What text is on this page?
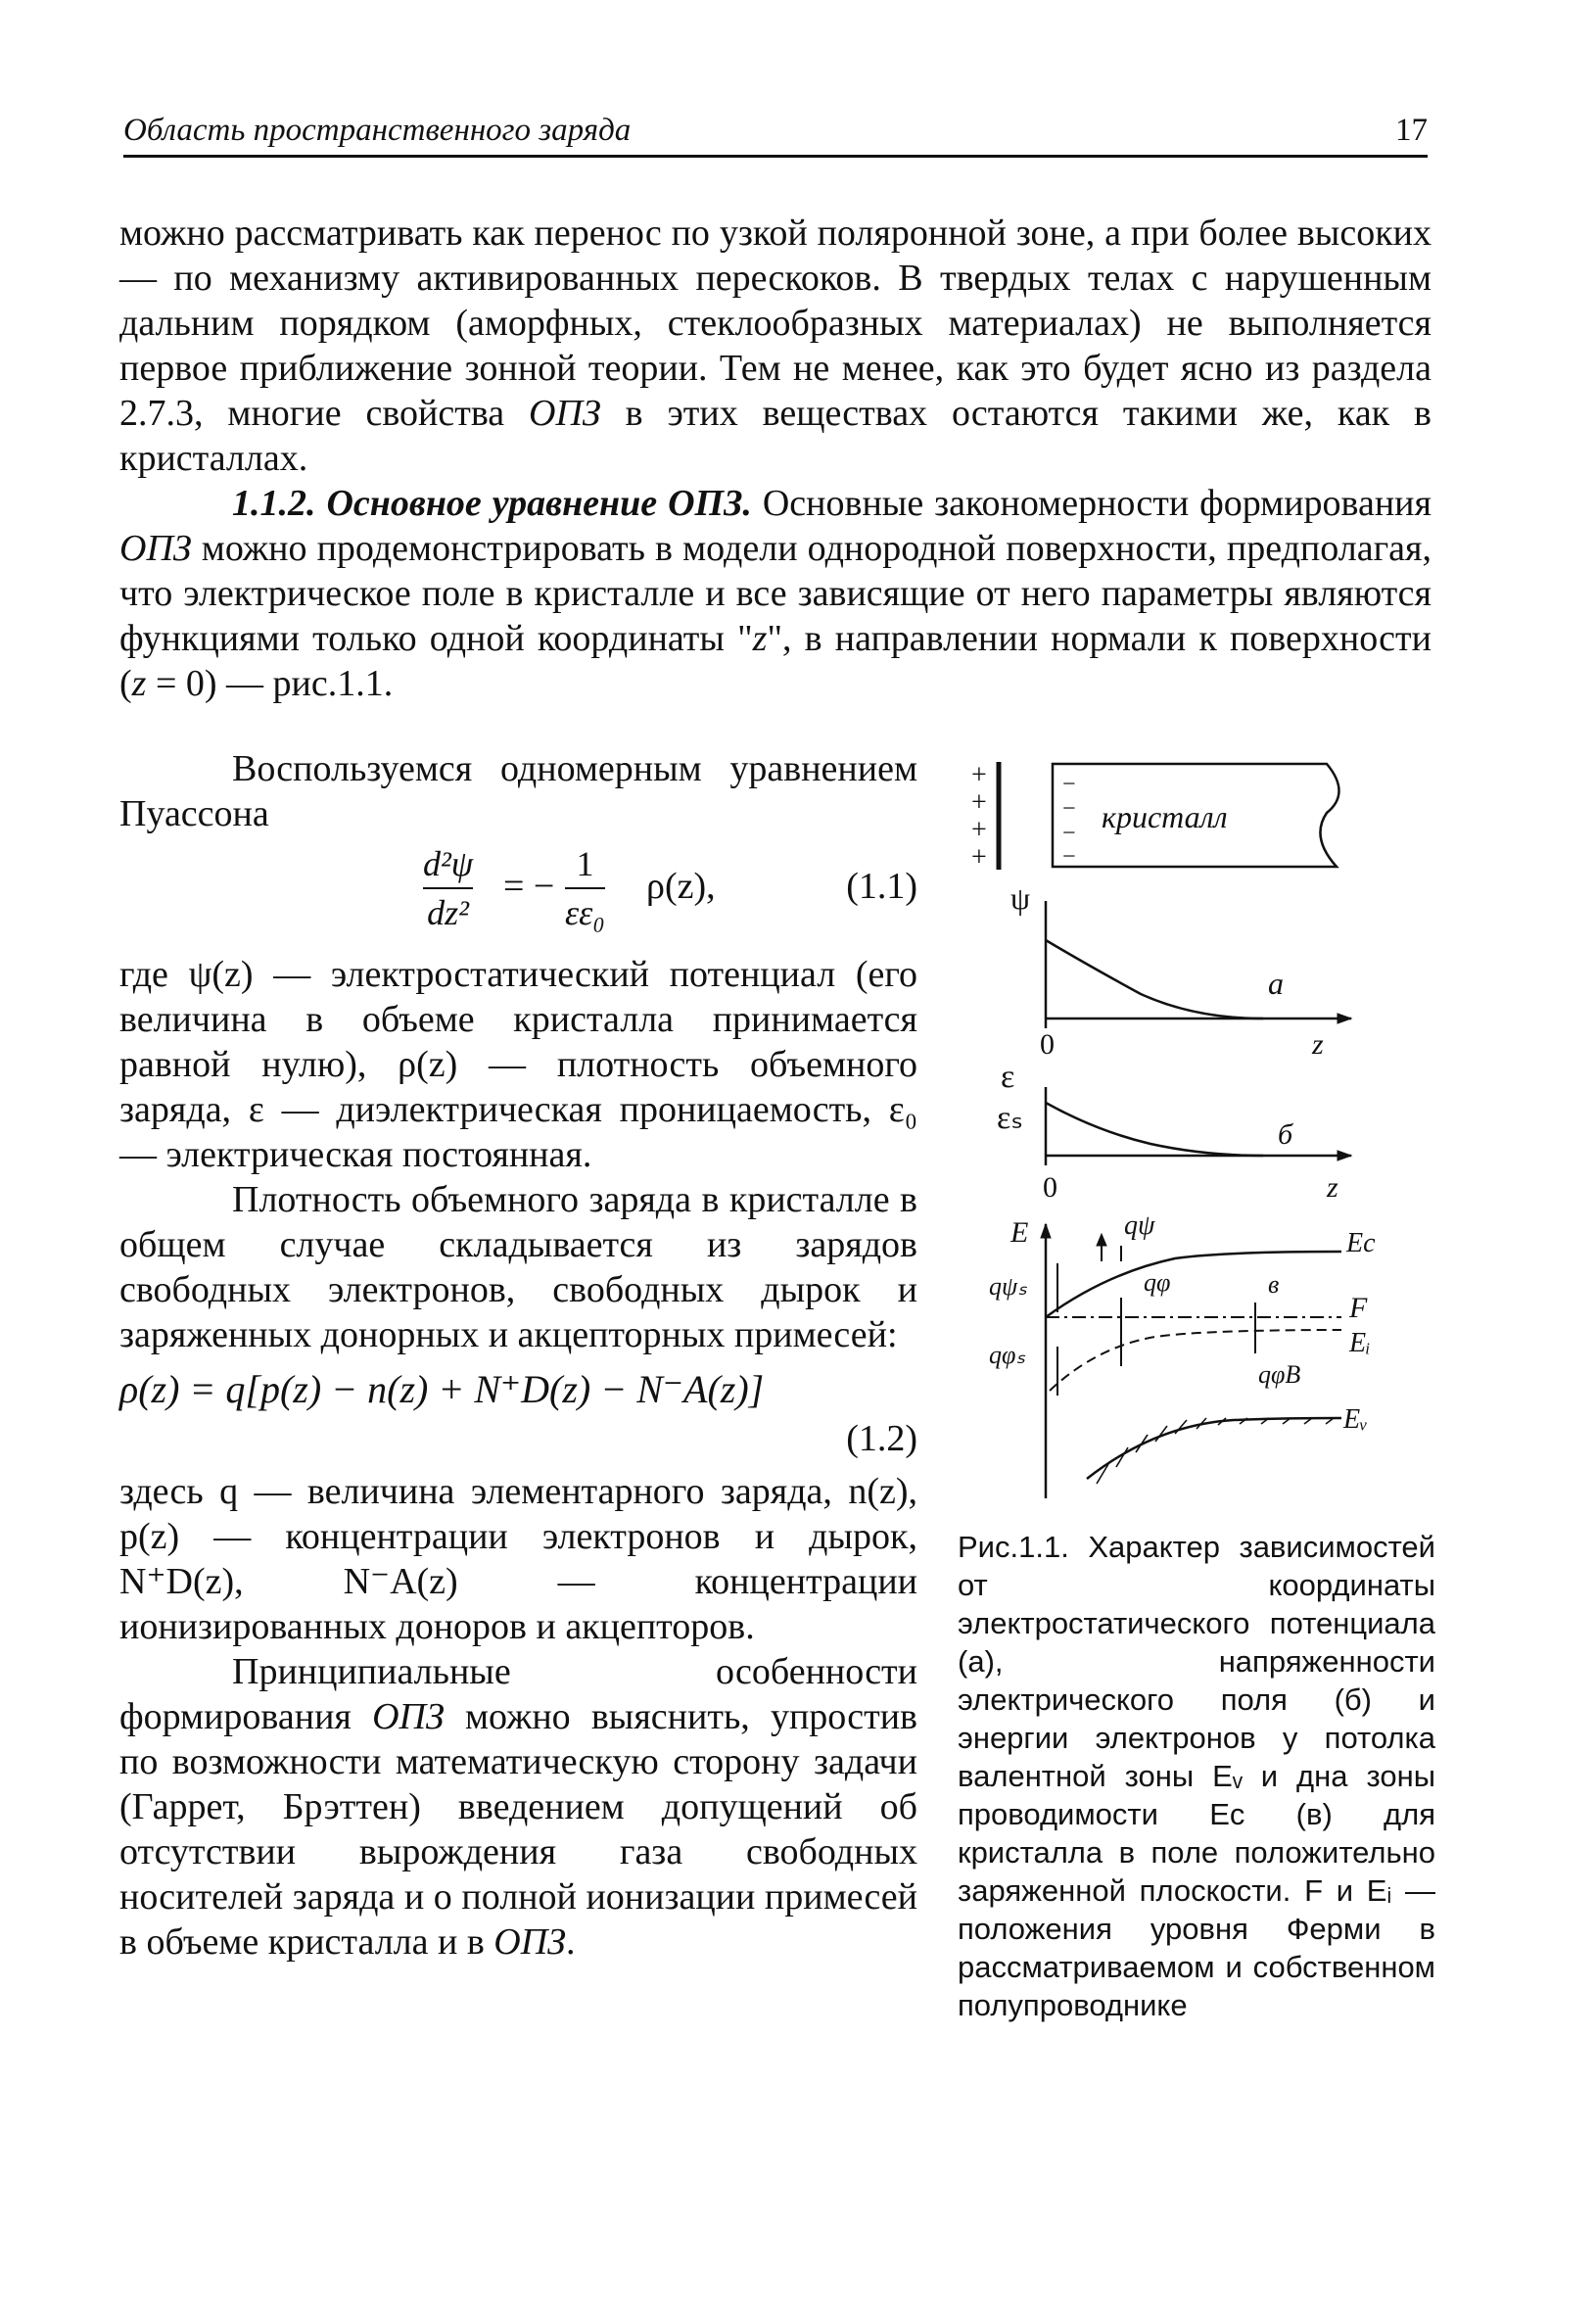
Область пространственного заряда	17

можно рассматривать как перенос по узкой поляронной зоне, а при более высоких — по механизму активированных перескоков. В твердых телах с нарушенным дальним порядком (аморфных, стеклообразных материалах) не выполняется первое приближение зонной теории. Тем не менее, как это будет ясно из раздела 2.7.3, многие свойства ОПЗ в этих веществах остаются такими же, как в кристаллах.

1.1.2. Основное уравнение ОПЗ. Основные закономерности формирования ОПЗ можно продемонстрировать в модели однородной поверхности, предполагая, что электрическое поле в кристалле и все зависящие от него параметры являются функциями только одной координаты "z", в направлении нормали к поверхности (z = 0) — рис.1.1.

Воспользуемся одномерным уравнением Пуассона

d²ψ
dz²
= −
1
εε₀
ρ(z),	(1.1)

где ψ(z) — электростатический потенциал (его величина в объеме кристалла принимается равной нулю), ρ(z) — плотность объемного заряда, ε — диэлектрическая проницаемость, ε₀ — электрическая постоянная.

Плотность объемного заряда в кристалле в общем случае складывается из зарядов свободных электронов, свободных дырок и заряженных донорных и акцепторных примесей:

ρ(z) = q[p(z) − n(z) + N⁺D(z) − N⁻A(z)]
(1.2)

здесь q — величина элементарного заряда, n(z), p(z) — концентрации электронов и дырок, N⁺D(z), N⁻A(z) — концентрации ионизированных доноров и акцепторов.

Принципиальные особенности формирования ОПЗ можно выяснить, упростив по возможности математическую сторону задачи (Гаррет, Брэттен) введением допущений об отсутствии вырождения газа свободных носителей заряда и о полной ионизации примесей в объеме кристалла и в ОПЗ.

+
+
+
+
−
−
−
−
кристалл
ψ
0	z
а
ε
εₛ
0	z
б
E	Eс
F
Eᵢ
Eᵥ
qψ
qψₛ	qφ	в
qφₛ
qφB
Рис.1.1. Характер зависимостей от координаты электростатического потенциала (а), напряженности электрического поля (б) и энергии электронов у потолка валентной зоны Eᵥ и дна зоны проводимости Eс (в) для кристалла в поле положительно заряженной плоскости. F и Eᵢ — положения уровня Ферми в рассматриваемом и собственном полупроводнике
